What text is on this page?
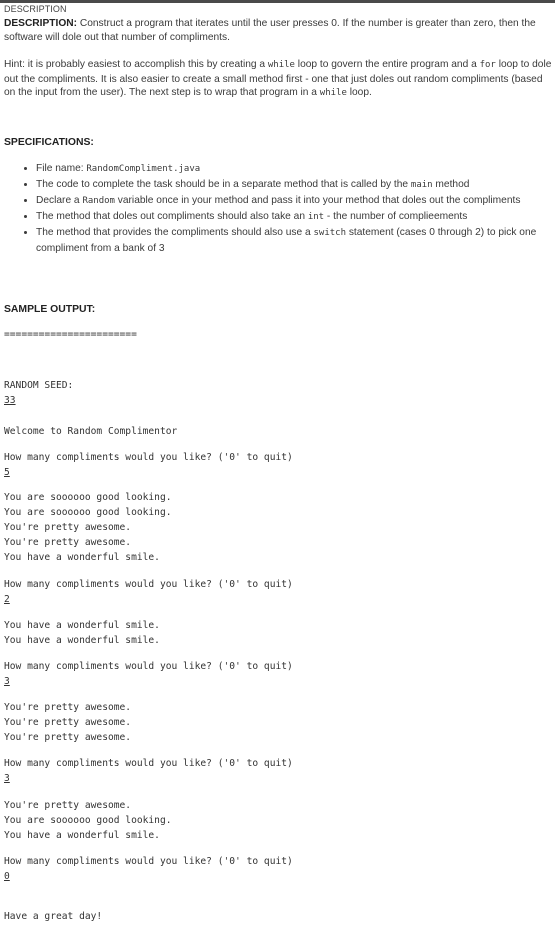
DESCRIPTION

DESCRIPTION: Construct a program that iterates until the user presses 0. If the number is greater than zero, then the software will dole out that number of compliments.

Hint: it is probably easiest to accomplish this by creating a while loop to govern the entire program and a for loop to dole out the compliments. It is also easier to create a small method first - one that just doles out random compliments (based on the input from the user). The next step is to wrap that program in a while loop.

SPECIFICATIONS:
• File name: RandomCompliment.java
• The code to complete the task should be in a separate method that is called by the main method
• Declare a Random variable once in your method and pass it into your method that doles out the compliments
• The method that doles out compliments should also take an int - the number of complieements
• The method that provides the compliments should also use a switch statement (cases 0 through 2) to pick one compliment from a bank of 3
SAMPLE OUTPUT:
=======================
RANDOM SEED:
33
Welcome to Random Complimentor
How many compliments would you like? ('0' to quit)
5
You are soooooo good looking.
You are soooooo good looking.
You're pretty awesome.
You're pretty awesome.
You have a wonderful smile.
How many compliments would you like? ('0' to quit)
2
You have a wonderful smile.
You have a wonderful smile.
How many compliments would you like? ('0' to quit)
3
You're pretty awesome.
You're pretty awesome.
You're pretty awesome.
How many compliments would you like? ('0' to quit)
3
You're pretty awesome.
You are soooooo good looking.
You have a wonderful smile.
How many compliments would you like? ('0' to quit)
0
Have a great day!
